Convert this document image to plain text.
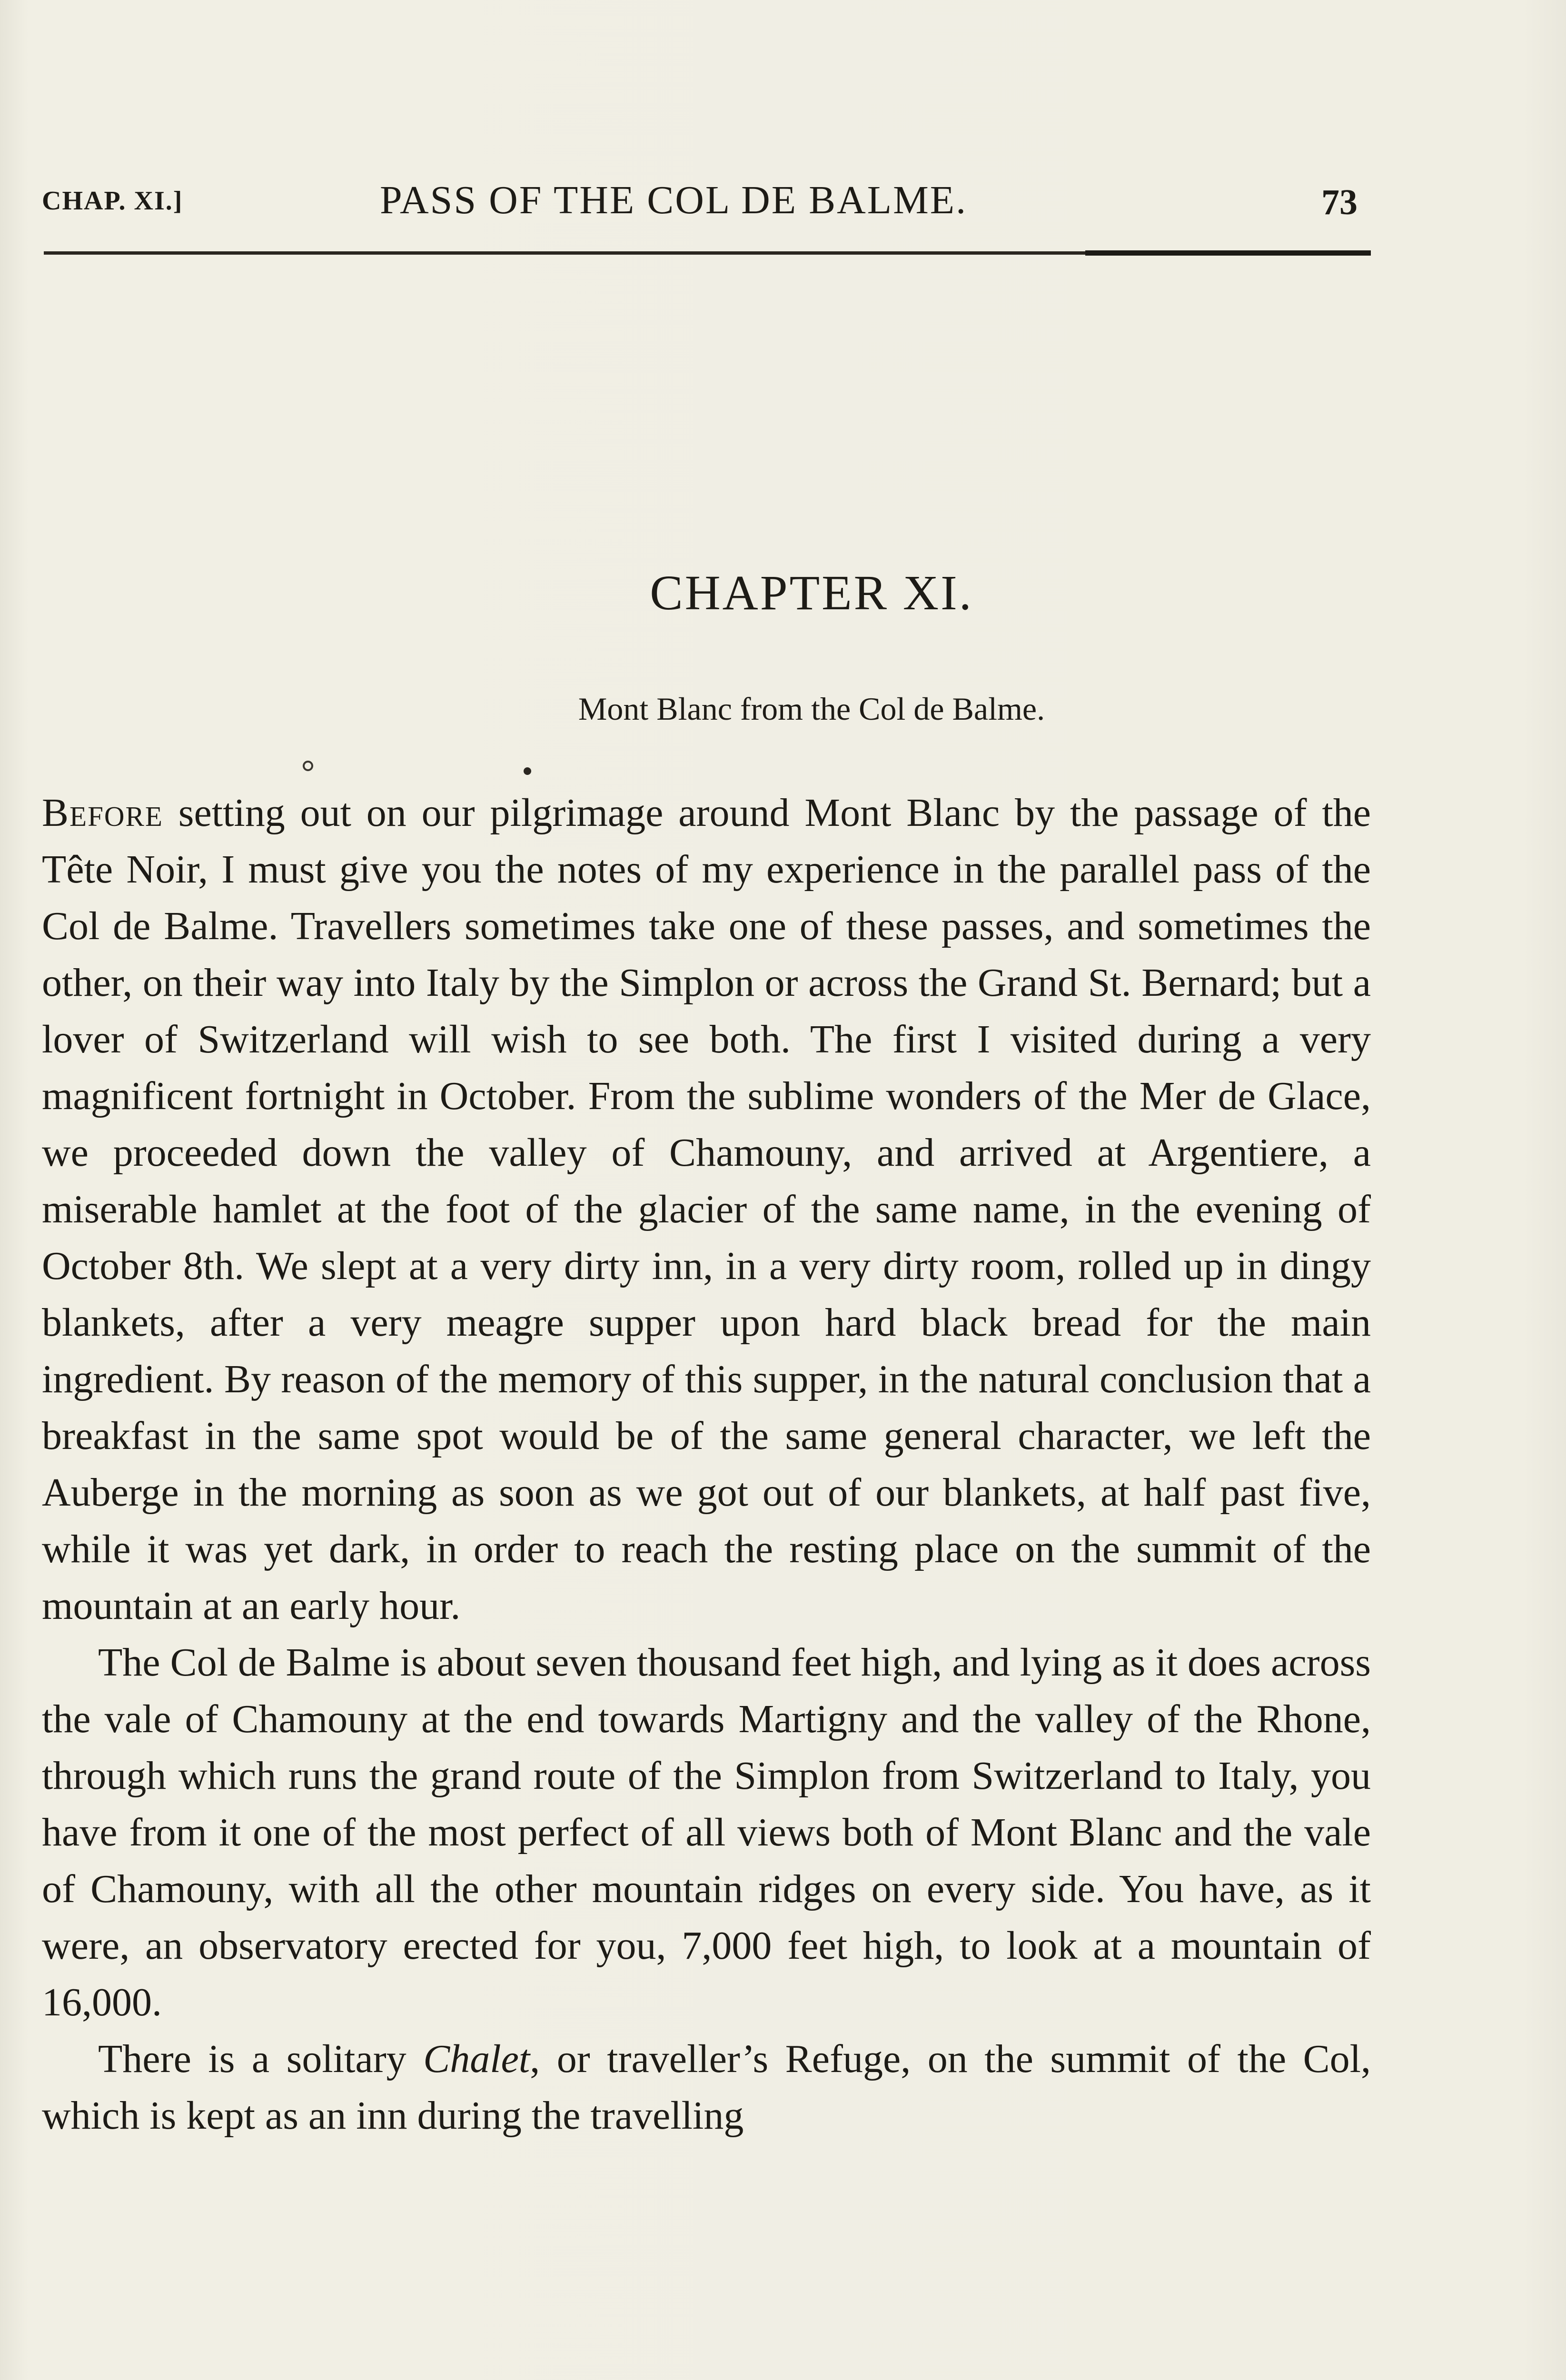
CHAP. XI.]	PASS OF THE COL DE BALME.	73
CHAPTER XI.
Mont Blanc from the Col de Balme.

Before setting out on our pilgrimage around Mont Blanc by the passage of the Tête Noir, I must give you the notes of my experience in the parallel pass of the Col de Balme. Travellers sometimes take one of these passes, and sometimes the other, on their way into Italy by the Simplon or across the Grand St. Bernard; but a lover of Switzerland will wish to see both. The first I visited during a very magnificent fortnight in October. From the sublime wonders of the Mer de Glace, we proceeded down the valley of Chamouny, and arrived at Argentiere, a miserable hamlet at the foot of the glacier of the same name, in the evening of October 8th. We slept at a very dirty inn, in a very dirty room, rolled up in dingy blankets, after a very meagre supper upon hard black bread for the main ingredient. By reason of the memory of this supper, in the natural conclusion that a breakfast in the same spot would be of the same general character, we left the Auberge in the morning as soon as we got out of our blankets, at half past five, while it was yet dark, in order to reach the resting place on the summit of the mountain at an early hour.

The Col de Balme is about seven thousand feet high, and lying as it does across the vale of Chamouny at the end towards Martigny and the valley of the Rhone, through which runs the grand route of the Simplon from Switzerland to Italy, you have from it one of the most perfect of all views both of Mont Blanc and the vale of Chamouny, with all the other mountain ridges on every side. You have, as it were, an observatory erected for you, 7,000 feet high, to look at a mountain of 16,000.

There is a solitary Chalet, or traveller’s Refuge, on the summit of the Col, which is kept as an inn during the travelling
